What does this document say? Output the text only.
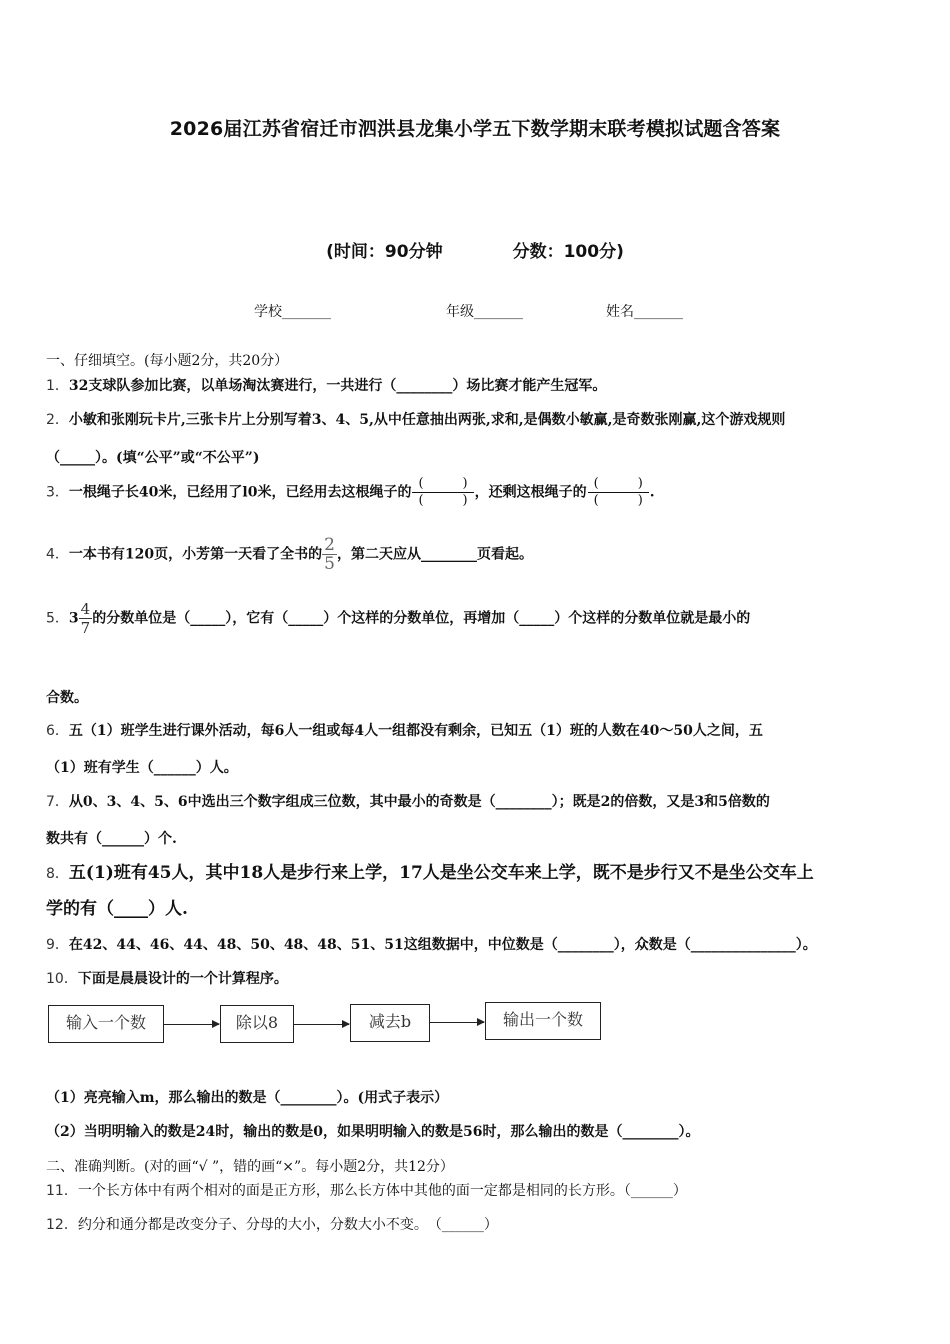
2026届江苏省宿迁市泗洪县龙集小学五下数学期末联考模拟试题含答案
(时间：90分钟	分数：100分)
学校_______	年级_______	姓名_______
一、仔细填空。(每小题2分，共20分）
1．32支球队参加比赛，以单场淘汰赛进行，一共进行（________）场比赛才能产生冠军。
2．小敏和张刚玩卡片,三张卡片上分别写着3、4、5,从中任意抽出两张,求和,是偶数小敏赢,是奇数张刚赢,这个游戏规则
（_____）。(填“公平”或“不公平”)
3．一根绳子长40米，已经用了l0米，已经用去这根绳子的 $\frac{( )}{( )}$ ，还剩这根绳子的 $\frac{( )}{( )}$ .
4．一本书有120页，小芳第一天看了全书的 $\frac{2}{5}$，第二天应从________页看起。
5．$3 \frac{4}{7}$的分数单位是（_____），它有（_____）个这样的分数单位，再增加（_____）个这样的分数单位就是最小的
合数。
6．五（1）班学生进行课外活动，每6人一组或每4人一组都没有剩余，已知五（1）班的人数在40～50人之间，五
（1）班有学生（______）人。
7．从0、3、4、5、6中选出三个数字组成三位数，其中最小的奇数是（________）；既是2的倍数，又是3和5倍数的
数共有（______）个.
8．五(1)班有45人，其中18人是步行来上学，17人是坐公交车来上学，既不是步行又不是坐公交车上
学的有（____）人.
9．在42、44、46、44、48、50、48、48、51、51这组数据中，中位数是（________），众数是（_______________）。
10．下面是晨晨设计的一个计算程序。
输入一个数	除以8	减去b	输出一个数
（1）亮亮输入m，那么输出的数是（________）。(用式子表示）
（2）当明明输入的数是24时，输出的数是0，如果明明输入的数是56时，那么输出的数是（________）。
二、准确判断。(对的画“√ ”，错的画“×”。每小题2分，共12分）
11．一个长方体中有两个相对的面是正方形，那么长方体中其他的面一定都是相同的长方形。（______）
12．约分和通分都是改变分子、分母的大小，分数大小不变。　（______）
